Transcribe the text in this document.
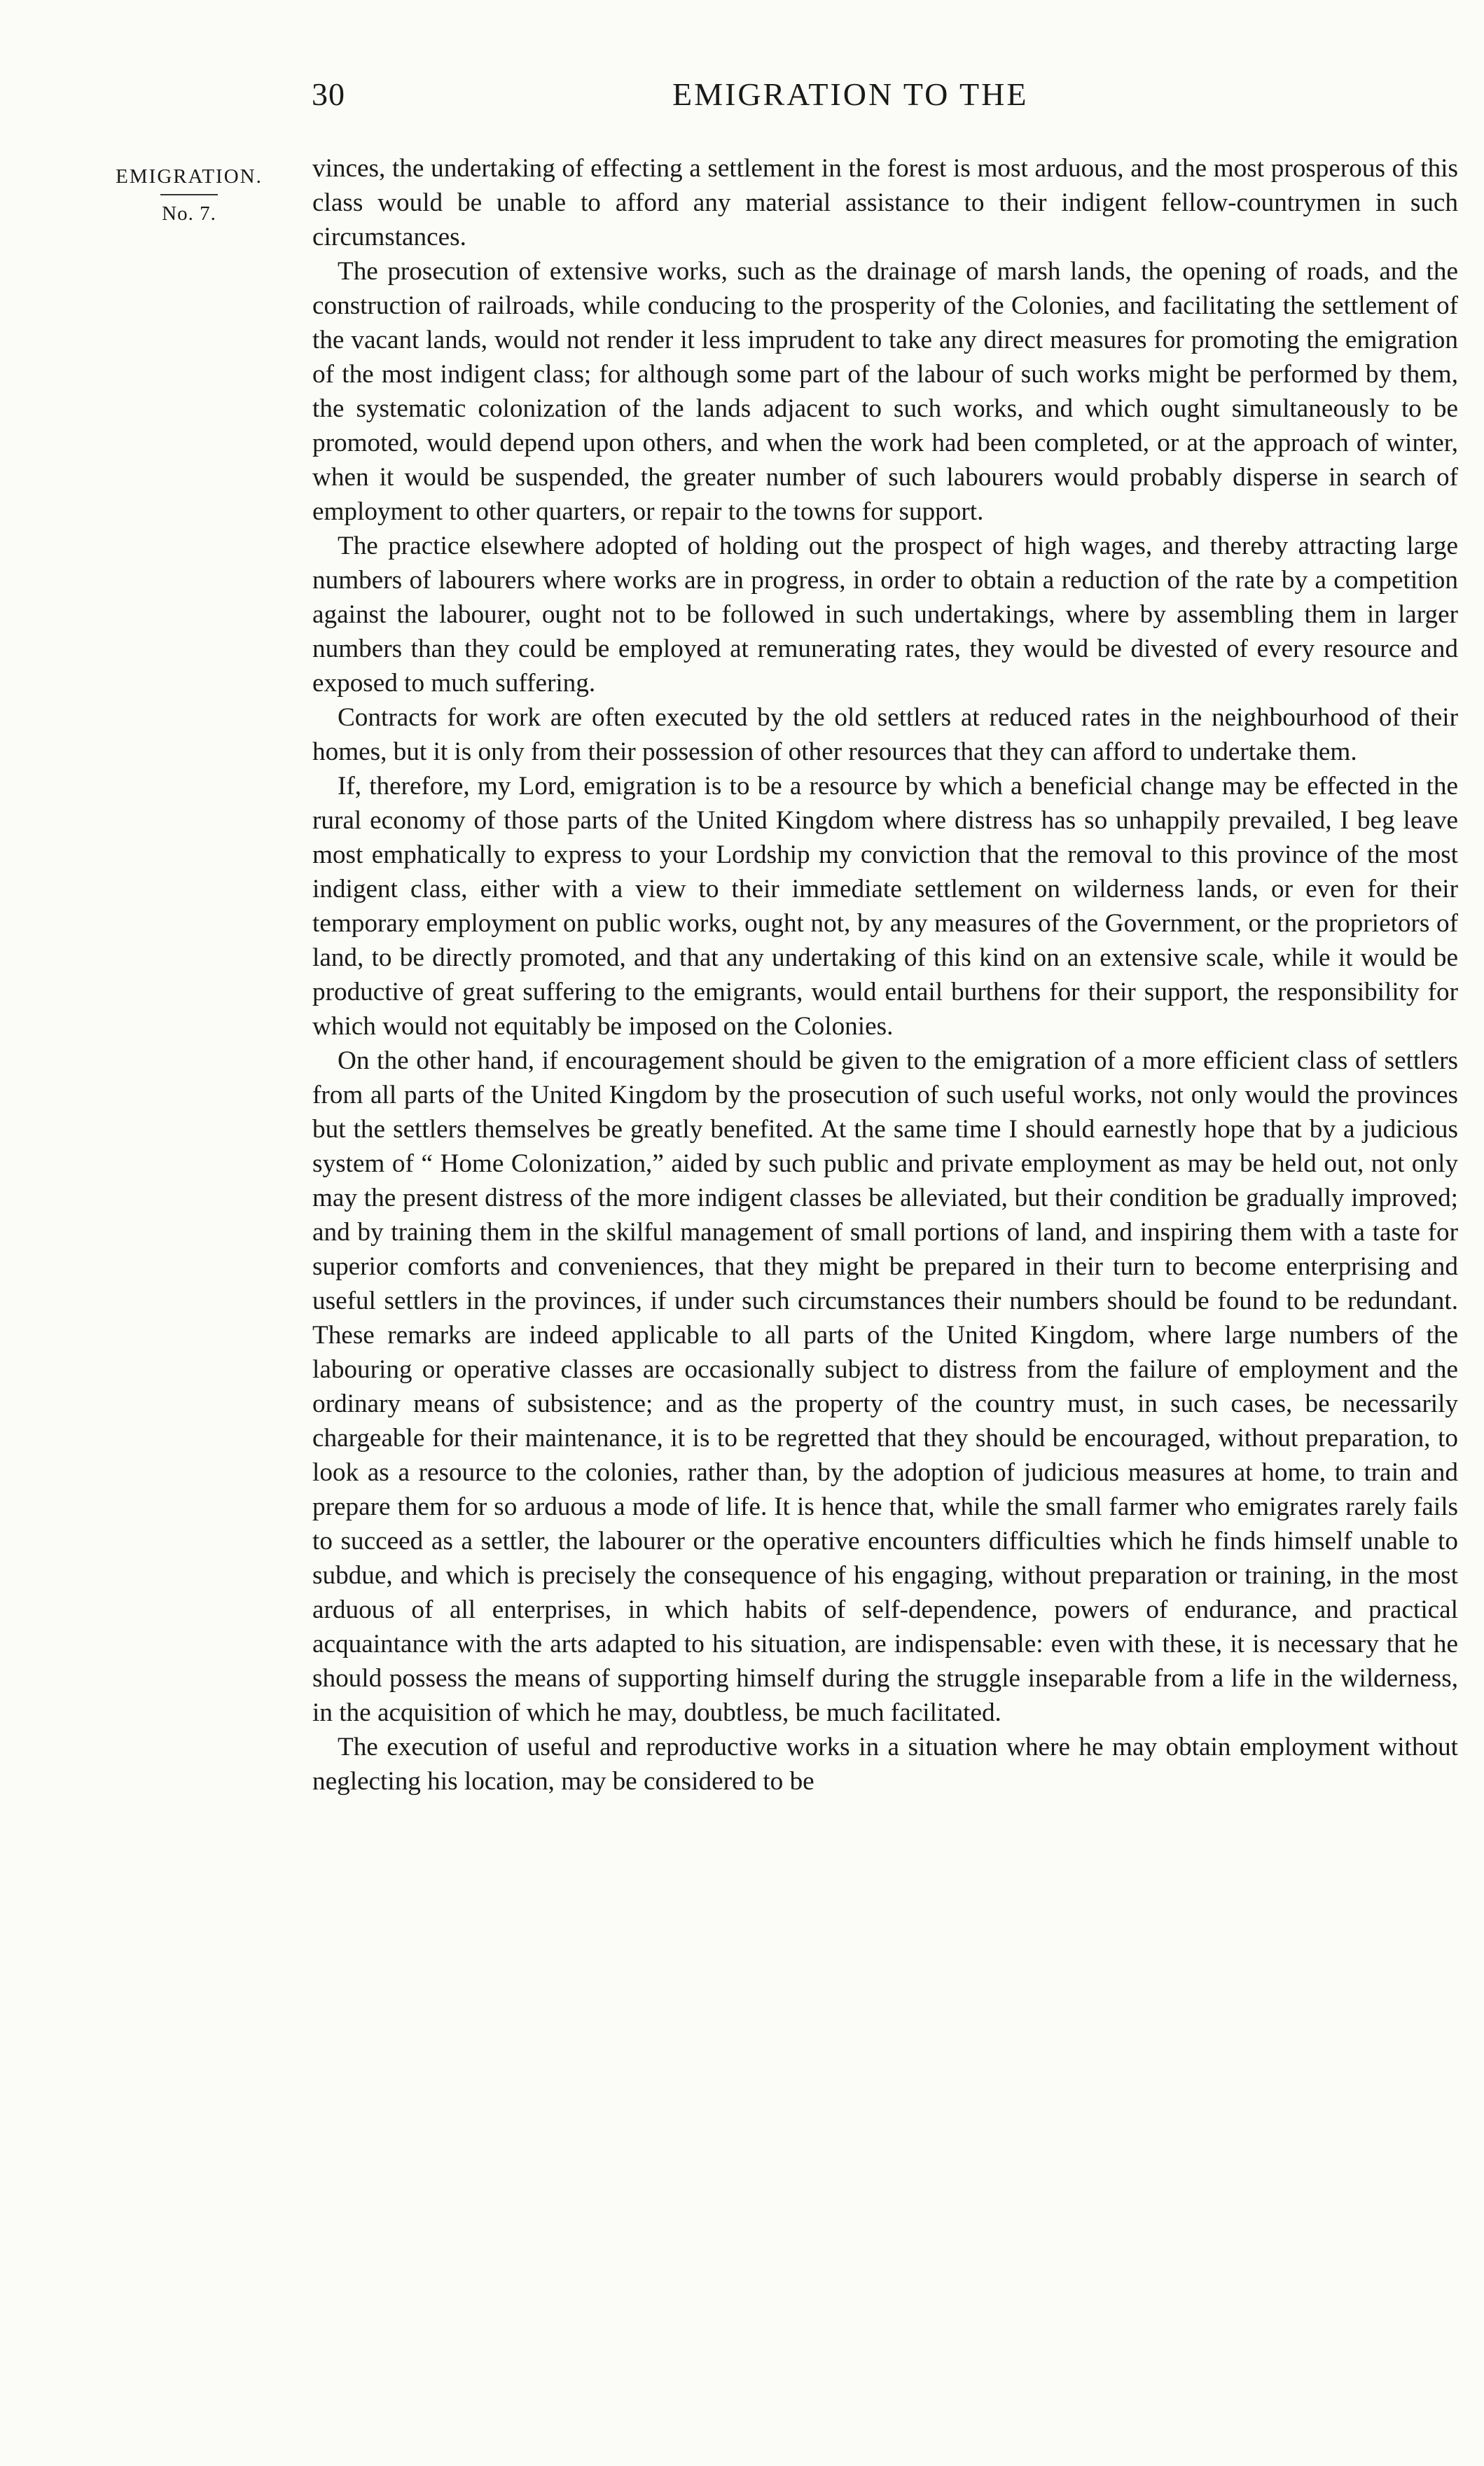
30	EMIGRATION TO THE
EMIGRATION.
No. 7.

vinces, the undertaking of effecting a settlement in the forest is most arduous, and the most prosperous of this class would be unable to afford any material assistance to their indigent fellow-countrymen in such circumstances.

The prosecution of extensive works, such as the drainage of marsh lands, the opening of roads, and the construction of railroads, while conducing to the prosperity of the Colonies, and facilitating the settlement of the vacant lands, would not render it less imprudent to take any direct measures for promoting the emigration of the most indigent class; for although some part of the labour of such works might be performed by them, the systematic colonization of the lands adjacent to such works, and which ought simultaneously to be promoted, would depend upon others, and when the work had been completed, or at the approach of winter, when it would be suspended, the greater number of such labourers would probably disperse in search of employment to other quarters, or repair to the towns for support.

The practice elsewhere adopted of holding out the prospect of high wages, and thereby attracting large numbers of labourers where works are in progress, in order to obtain a reduction of the rate by a competition against the labourer, ought not to be followed in such undertakings, where by assembling them in larger numbers than they could be employed at remunerating rates, they would be divested of every resource and exposed to much suffering.

Contracts for work are often executed by the old settlers at reduced rates in the neighbourhood of their homes, but it is only from their possession of other resources that they can afford to undertake them.

If, therefore, my Lord, emigration is to be a resource by which a beneficial change may be effected in the rural economy of those parts of the United Kingdom where distress has so unhappily prevailed, I beg leave most emphatically to express to your Lordship my conviction that the removal to this province of the most indigent class, either with a view to their immediate settlement on wilderness lands, or even for their temporary employment on public works, ought not, by any measures of the Government, or the proprietors of land, to be directly promoted, and that any undertaking of this kind on an extensive scale, while it would be productive of great suffering to the emigrants, would entail burthens for their support, the responsibility for which would not equitably be imposed on the Colonies.

On the other hand, if encouragement should be given to the emigration of a more efficient class of settlers from all parts of the United Kingdom by the prosecution of such useful works, not only would the provinces but the settlers themselves be greatly benefited. At the same time I should earnestly hope that by a judicious system of “ Home Colonization,” aided by such public and private employment as may be held out, not only may the present distress of the more indigent classes be alleviated, but their condition be gradually improved; and by training them in the skilful management of small portions of land, and inspiring them with a taste for superior comforts and conveniences, that they might be prepared in their turn to become enterprising and useful settlers in the provinces, if under such circumstances their numbers should be found to be redundant. These remarks are indeed applicable to all parts of the United Kingdom, where large numbers of the labouring or operative classes are occasionally subject to distress from the failure of employment and the ordinary means of subsistence; and as the property of the country must, in such cases, be necessarily chargeable for their maintenance, it is to be regretted that they should be encouraged, without preparation, to look as a resource to the colonies, rather than, by the adoption of judicious measures at home, to train and prepare them for so arduous a mode of life. It is hence that, while the small farmer who emigrates rarely fails to succeed as a settler, the labourer or the operative encounters difficulties which he finds himself unable to subdue, and which is precisely the consequence of his engaging, without preparation or training, in the most arduous of all enterprises, in which habits of self-dependence, powers of endurance, and practical acquaintance with the arts adapted to his situation, are indispensable: even with these, it is necessary that he should possess the means of supporting himself during the struggle inseparable from a life in the wilderness, in the acquisition of which he may, doubtless, be much facilitated.

The execution of useful and reproductive works in a situation where he may obtain employment without neglecting his location, may be considered to be
